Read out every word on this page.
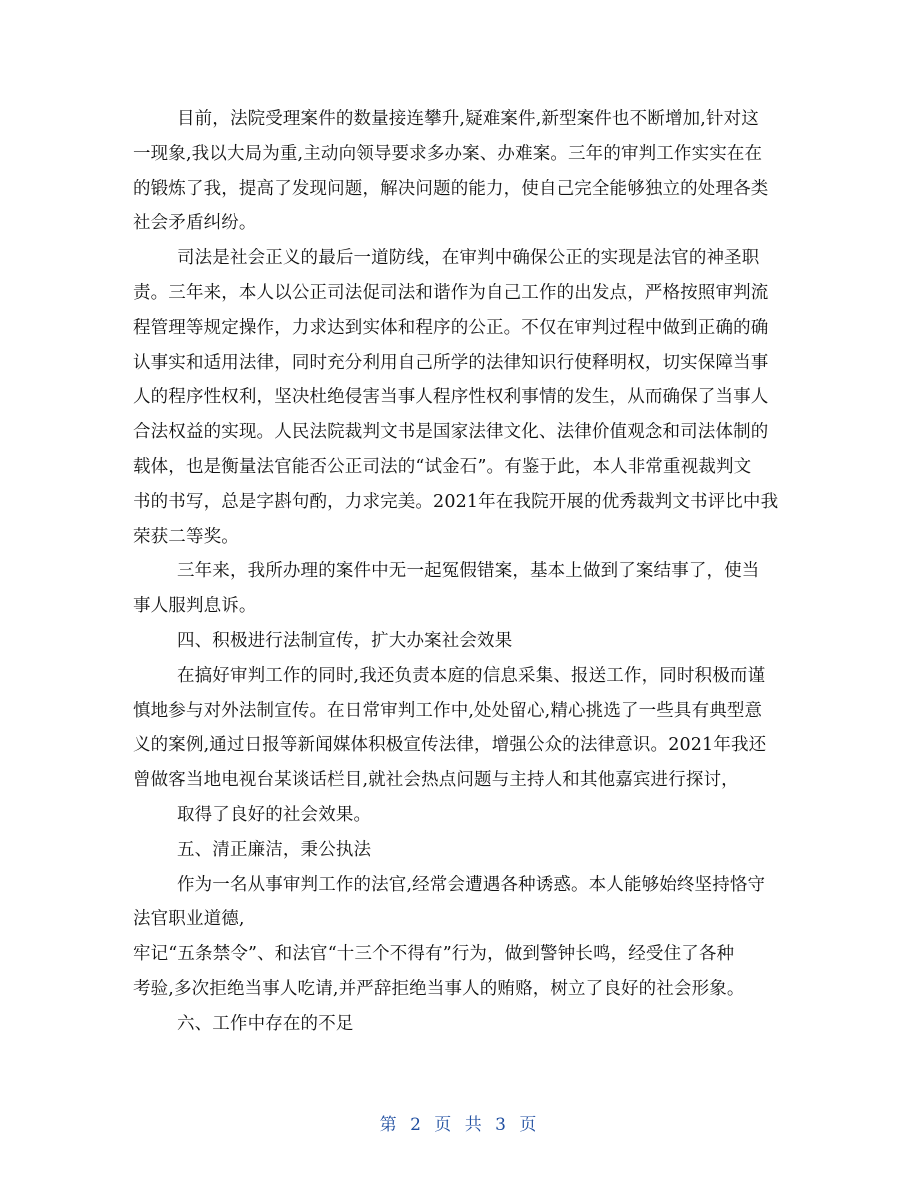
目前，法院受理案件的数量接连攀升,疑难案件,新型案件也不断增加,针对这
一现象,我以大局为重,主动向领导要求多办案、办难案。三年的审判工作实实在在
的锻炼了我，提高了发现问题，解决问题的能力，使自己完全能够独立的处理各类
社会矛盾纠纷。
司法是社会正义的最后一道防线，在审判中确保公正的实现是法官的神圣职
责。三年来，本人以公正司法促司法和谐作为自己工作的出发点，严格按照审判流
程管理等规定操作，力求达到实体和程序的公正。不仅在审判过程中做到正确的确
认事实和适用法律，同时充分利用自己所学的法律知识行使释明权，切实保障当事
人的程序性权利，坚决杜绝侵害当事人程序性权利事情的发生，从而确保了当事人
合法权益的实现。人民法院裁判文书是国家法律文化、法律价值观念和司法体制的
载体，也是衡量法官能否公正司法的“试金石”。有鉴于此，本人非常重视裁判文
书的书写，总是字斟句酌，力求完美。2021年在我院开展的优秀裁判文书评比中我
荣获二等奖。
三年来，我所办理的案件中无一起冤假错案，基本上做到了案结事了，使当
事人服判息诉。
四、积极进行法制宣传，扩大办案社会效果
在搞好审判工作的同时,我还负责本庭的信息采集、报送工作，同时积极而谨
慎地参与对外法制宣传。在日常审判工作中,处处留心,精心挑选了一些具有典型意
义的案例,通过日报等新闻媒体积极宣传法律，增强公众的法律意识。2021年我还
曾做客当地电视台某谈话栏目,就社会热点问题与主持人和其他嘉宾进行探讨，
取得了良好的社会效果。
五、清正廉洁，秉公执法
作为一名从事审判工作的法官,经常会遭遇各种诱惑。本人能够始终坚持恪守
法官职业道德,
牢记“五条禁令”、和法官“十三个不得有”行为，做到警钟长鸣，经受住了各种
考验,多次拒绝当事人吃请,并严辞拒绝当事人的贿赂，树立了良好的社会形象。
六、工作中存在的不足
第 2 页 共 3 页
